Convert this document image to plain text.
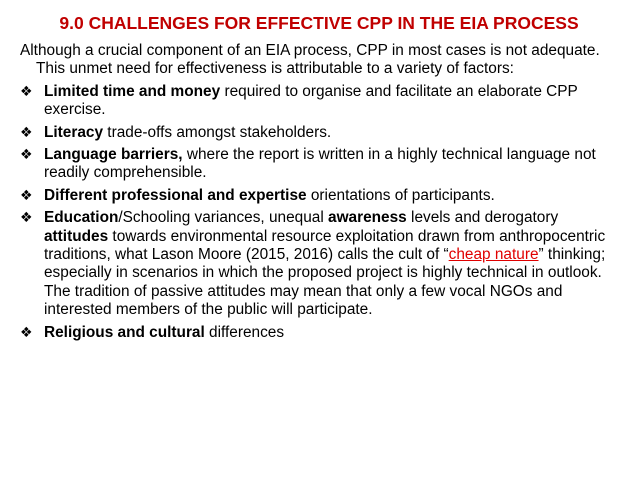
9.0 CHALLENGES FOR EFFECTIVE CPP IN THE EIA PROCESS

Although a crucial component of an EIA process, CPP in most cases is not adequate. This unmet need for effectiveness is attributable to a variety of factors:

❖ Limited time and money required to organise and facilitate an elaborate CPP exercise.
❖ Literacy trade-offs amongst stakeholders.
❖ Language barriers, where the report is written in a highly technical language not readily comprehensible.
❖ Different professional and expertise orientations of participants.
❖ Education/Schooling variances, unequal awareness levels and derogatory attitudes towards environmental resource exploitation drawn from anthropocentric traditions, what Lason Moore (2015, 2016) calls the cult of “cheap nature” thinking; especially in scenarios in which the proposed project is highly technical in outlook. The tradition of passive attitudes may mean that only a few vocal NGOs and interested members of the public will participate.
❖ Religious and cultural differences
